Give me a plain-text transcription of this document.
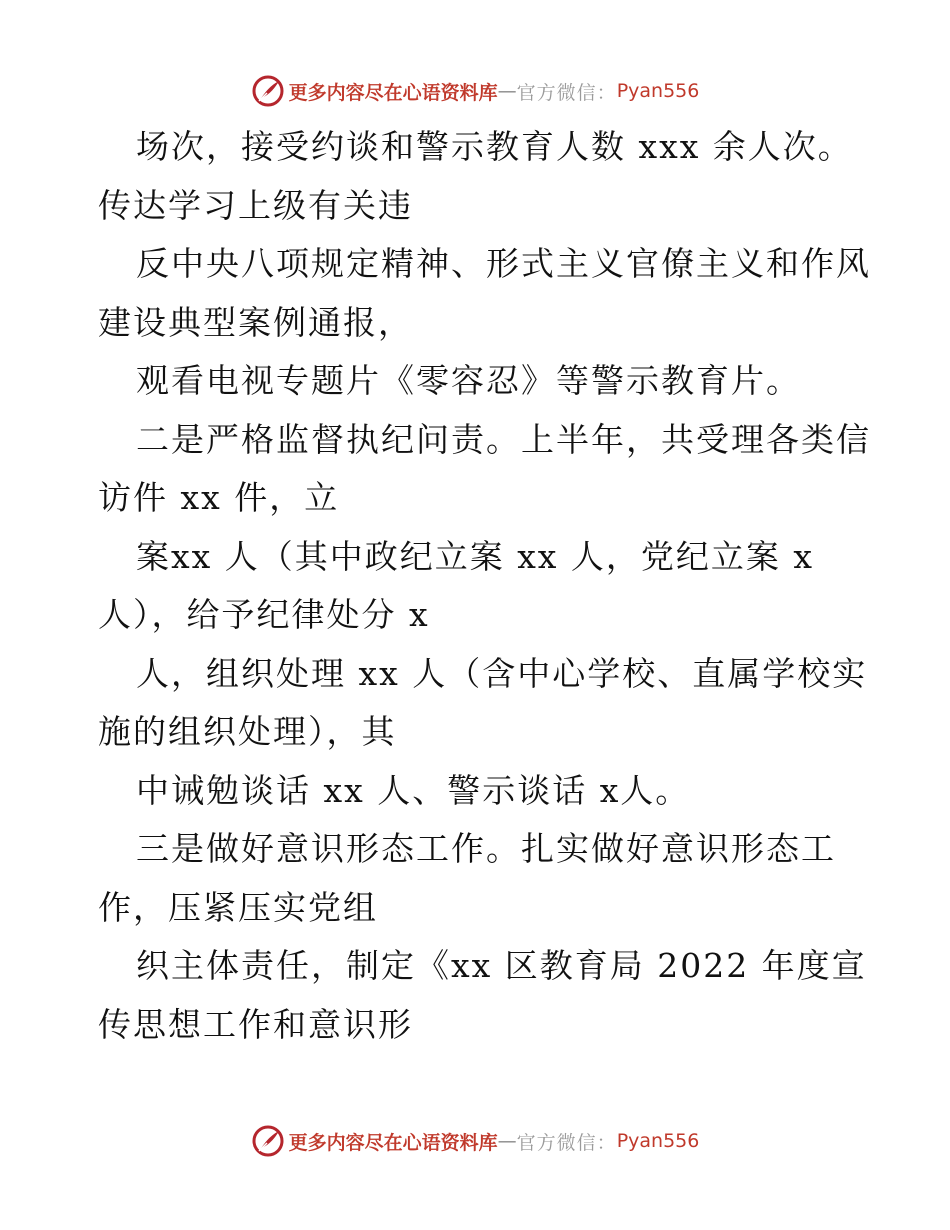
更多内容尽在心语资料库 — 官方微信： Pyan556
场次，接受约谈和警示教育人数 xxx 余人次。
传达学习上级有关违
反中央八项规定精神、形式主义官僚主义和作风
建设典型案例通报，
观看电视专题片《零容忍》等警示教育片。
二是严格监督执纪问责。上半年，共受理各类信
访件 xx 件，立
案xx 人（其中政纪立案 xx 人，党纪立案 x
人），给予纪律处分 x
人，组织处理 xx 人（含中心学校、直属学校实
施的组织处理），其
中诫勉谈话 xx 人、警示谈话 x人。
三是做好意识形态工作。扎实做好意识形态工
作，压紧压实党组
织主体责任，制定《xx 区教育局 2022 年度宣
传思想工作和意识形
更多内容尽在心语资料库 — 官方微信： Pyan556
